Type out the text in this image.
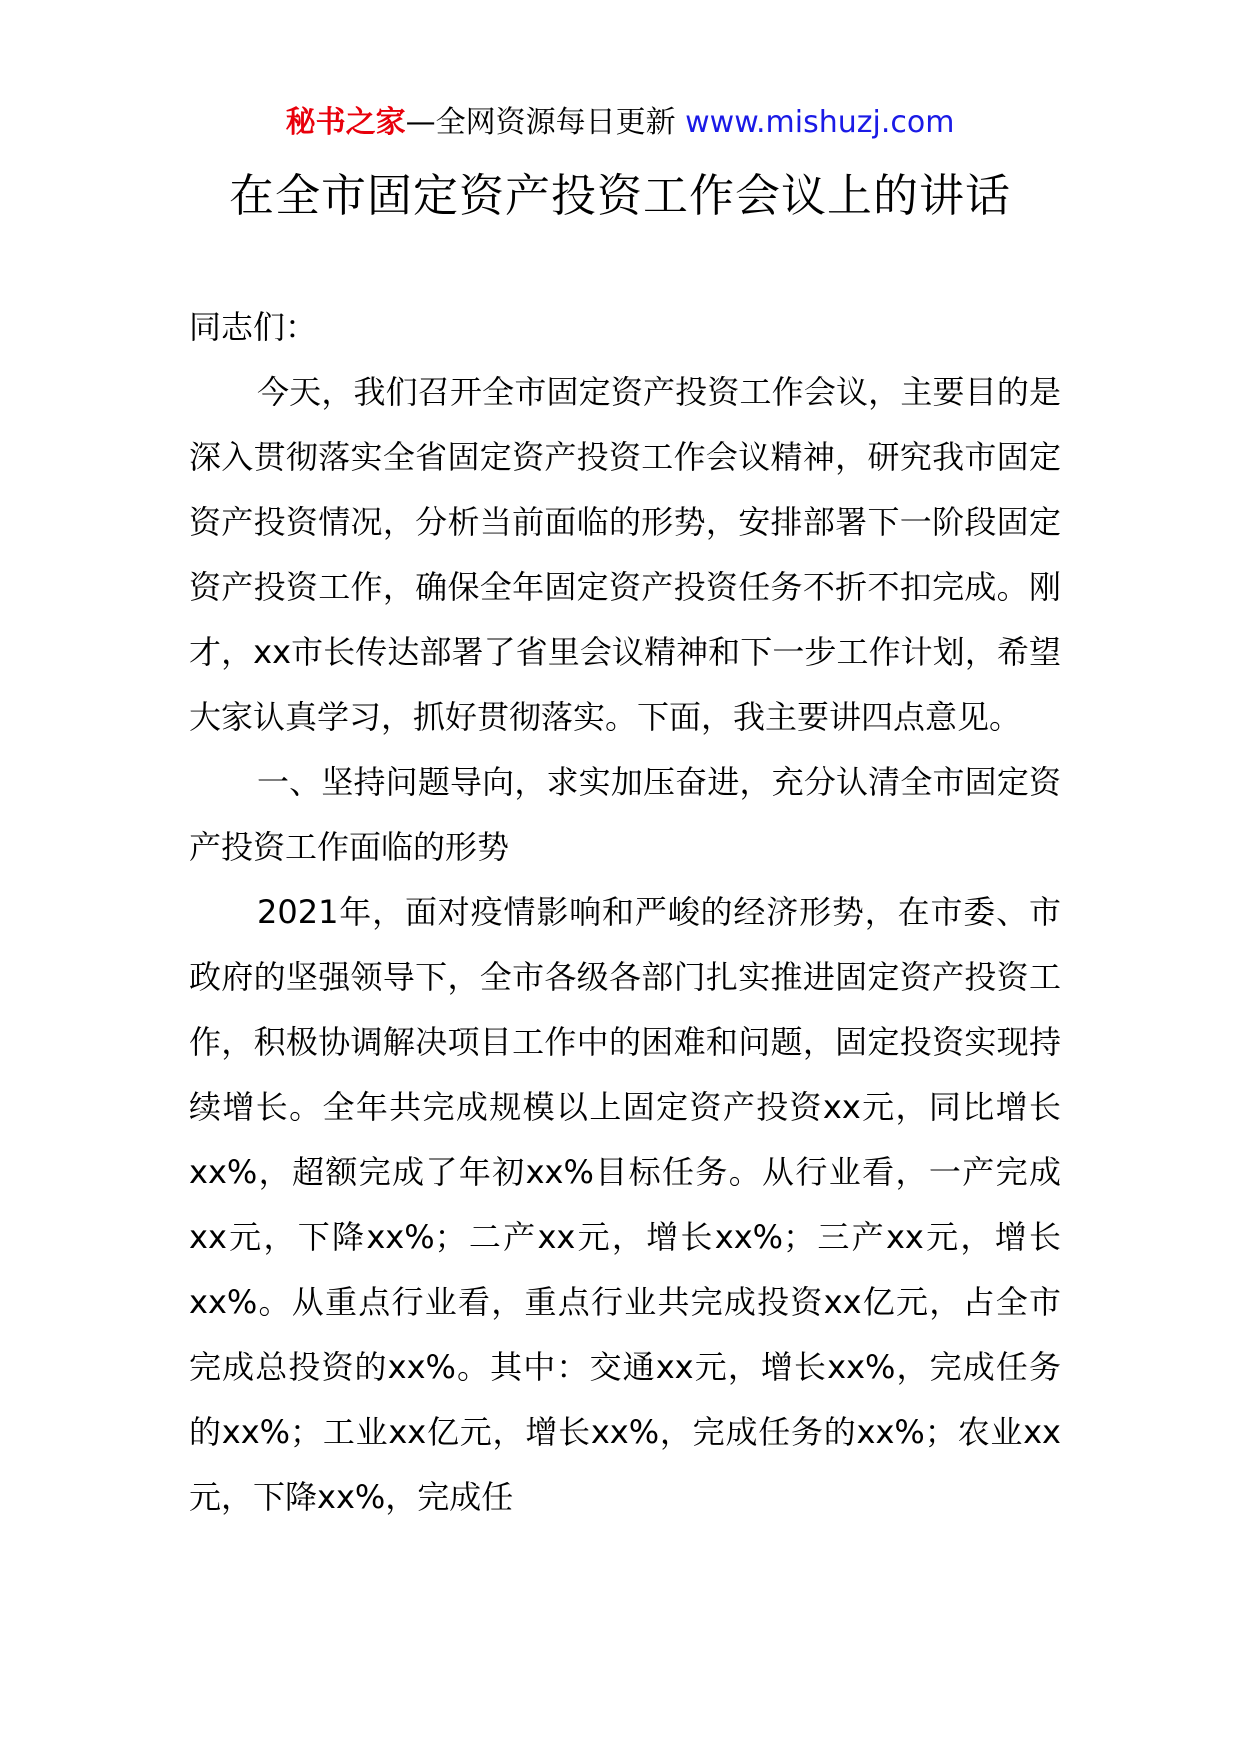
秘书之家—全网资源每日更新 www.mishuzj.com
在全市固定资产投资工作会议上的讲话

同志们：

今天，我们召开全市固定资产投资工作会议，主要目的是深入贯彻落实全省固定资产投资工作会议精神，研究我市固定资产投资情况，分析当前面临的形势，安排部署下一阶段固定资产投资工作，确保全年固定资产投资任务不折不扣完成。刚才，xx市长传达部署了省里会议精神和下一步工作计划，希望大家认真学习，抓好贯彻落实。下面，我主要讲四点意见。

一、坚持问题导向，求实加压奋进，充分认清全市固定资产投资工作面临的形势

2021年，面对疫情影响和严峻的经济形势，在市委、市政府的坚强领导下，全市各级各部门扎实推进固定资产投资工作，积极协调解决项目工作中的困难和问题，固定投资实现持续增长。全年共完成规模以上固定资产投资xx元，同比增长xx%，超额完成了年初xx%目标任务。从行业看，一产完成xx元，下降xx%；二产xx元，增长xx%；三产xx元，增长xx%。从重点行业看，重点行业共完成投资xx亿元，占全市完成总投资的xx%。其中：交通xx元，增长xx%，完成任务的xx%；工业xx亿元，增长xx%，完成任务的xx%；农业xx元，下降xx%，完成任
